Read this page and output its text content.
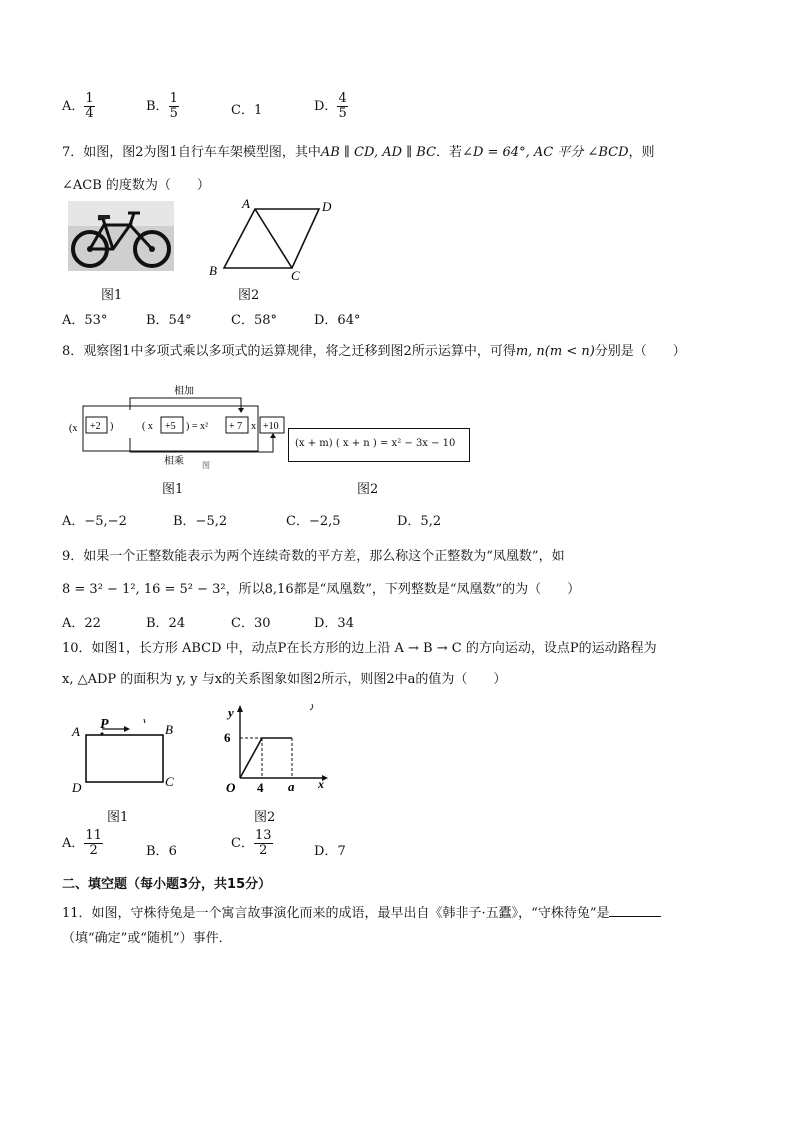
A． $\frac{1}{4}$	B． $\frac{1}{5}$	C．1	D． $\frac{4}{5}$
7．如图，图2为图1自行车车架模型图，其中AB ∥ CD, AD ∥ BC．若∠D = 64°, AC 平分 ∠BCD，则
∠ACB 的度数为（　　）
图1
A	D
B	C
图2
A．53°	B．54°	C．58°	D．64°
8．观察图1中多项式乘以多项式的运算规律，将之迁移到图2所示运算中，可得m, n(m < n)分别是（　　）
相加
(x +2 )	( x +5 ) = x² + 7 x +10
相乘 图
(x + m) ( x + n ) = x² − 3x − 10
图1	图2
A．−5,−2	B．−5,2	C．−2,5	D．5,2
9．如果一个正整数能表示为两个连续奇数的平方差，那么称这个正整数为“凤凰数”，如
8 = 3² − 1², 16 = 5² − 3²，所以8,16都是“凤凰数”，下列整数是“凤凰数”的为（　　）
A．22	B．24	C．30	D．34
10．如图1，长方形 ABCD 中，动点P在长方形的边上沿 A → B → C 的方向运动，设点P的运动路程为
x, △ADP 的面积为 y, y 与x的关系图象如图2所示，则图2中a的值为（　　）
P
A	B
D	C
y
6
O 4 a x
图1	图2
A． $\frac{11}{2}$	B．6
C． $\frac{13}{2}$	D．7
二、填空题（每小题3分，共15分）
11．如图，守株待兔是一个寓言故事演化而来的成语，最早出自《韩非子·五蠹》，“守株待兔”是
（填“确定”或“随机”）事件．
